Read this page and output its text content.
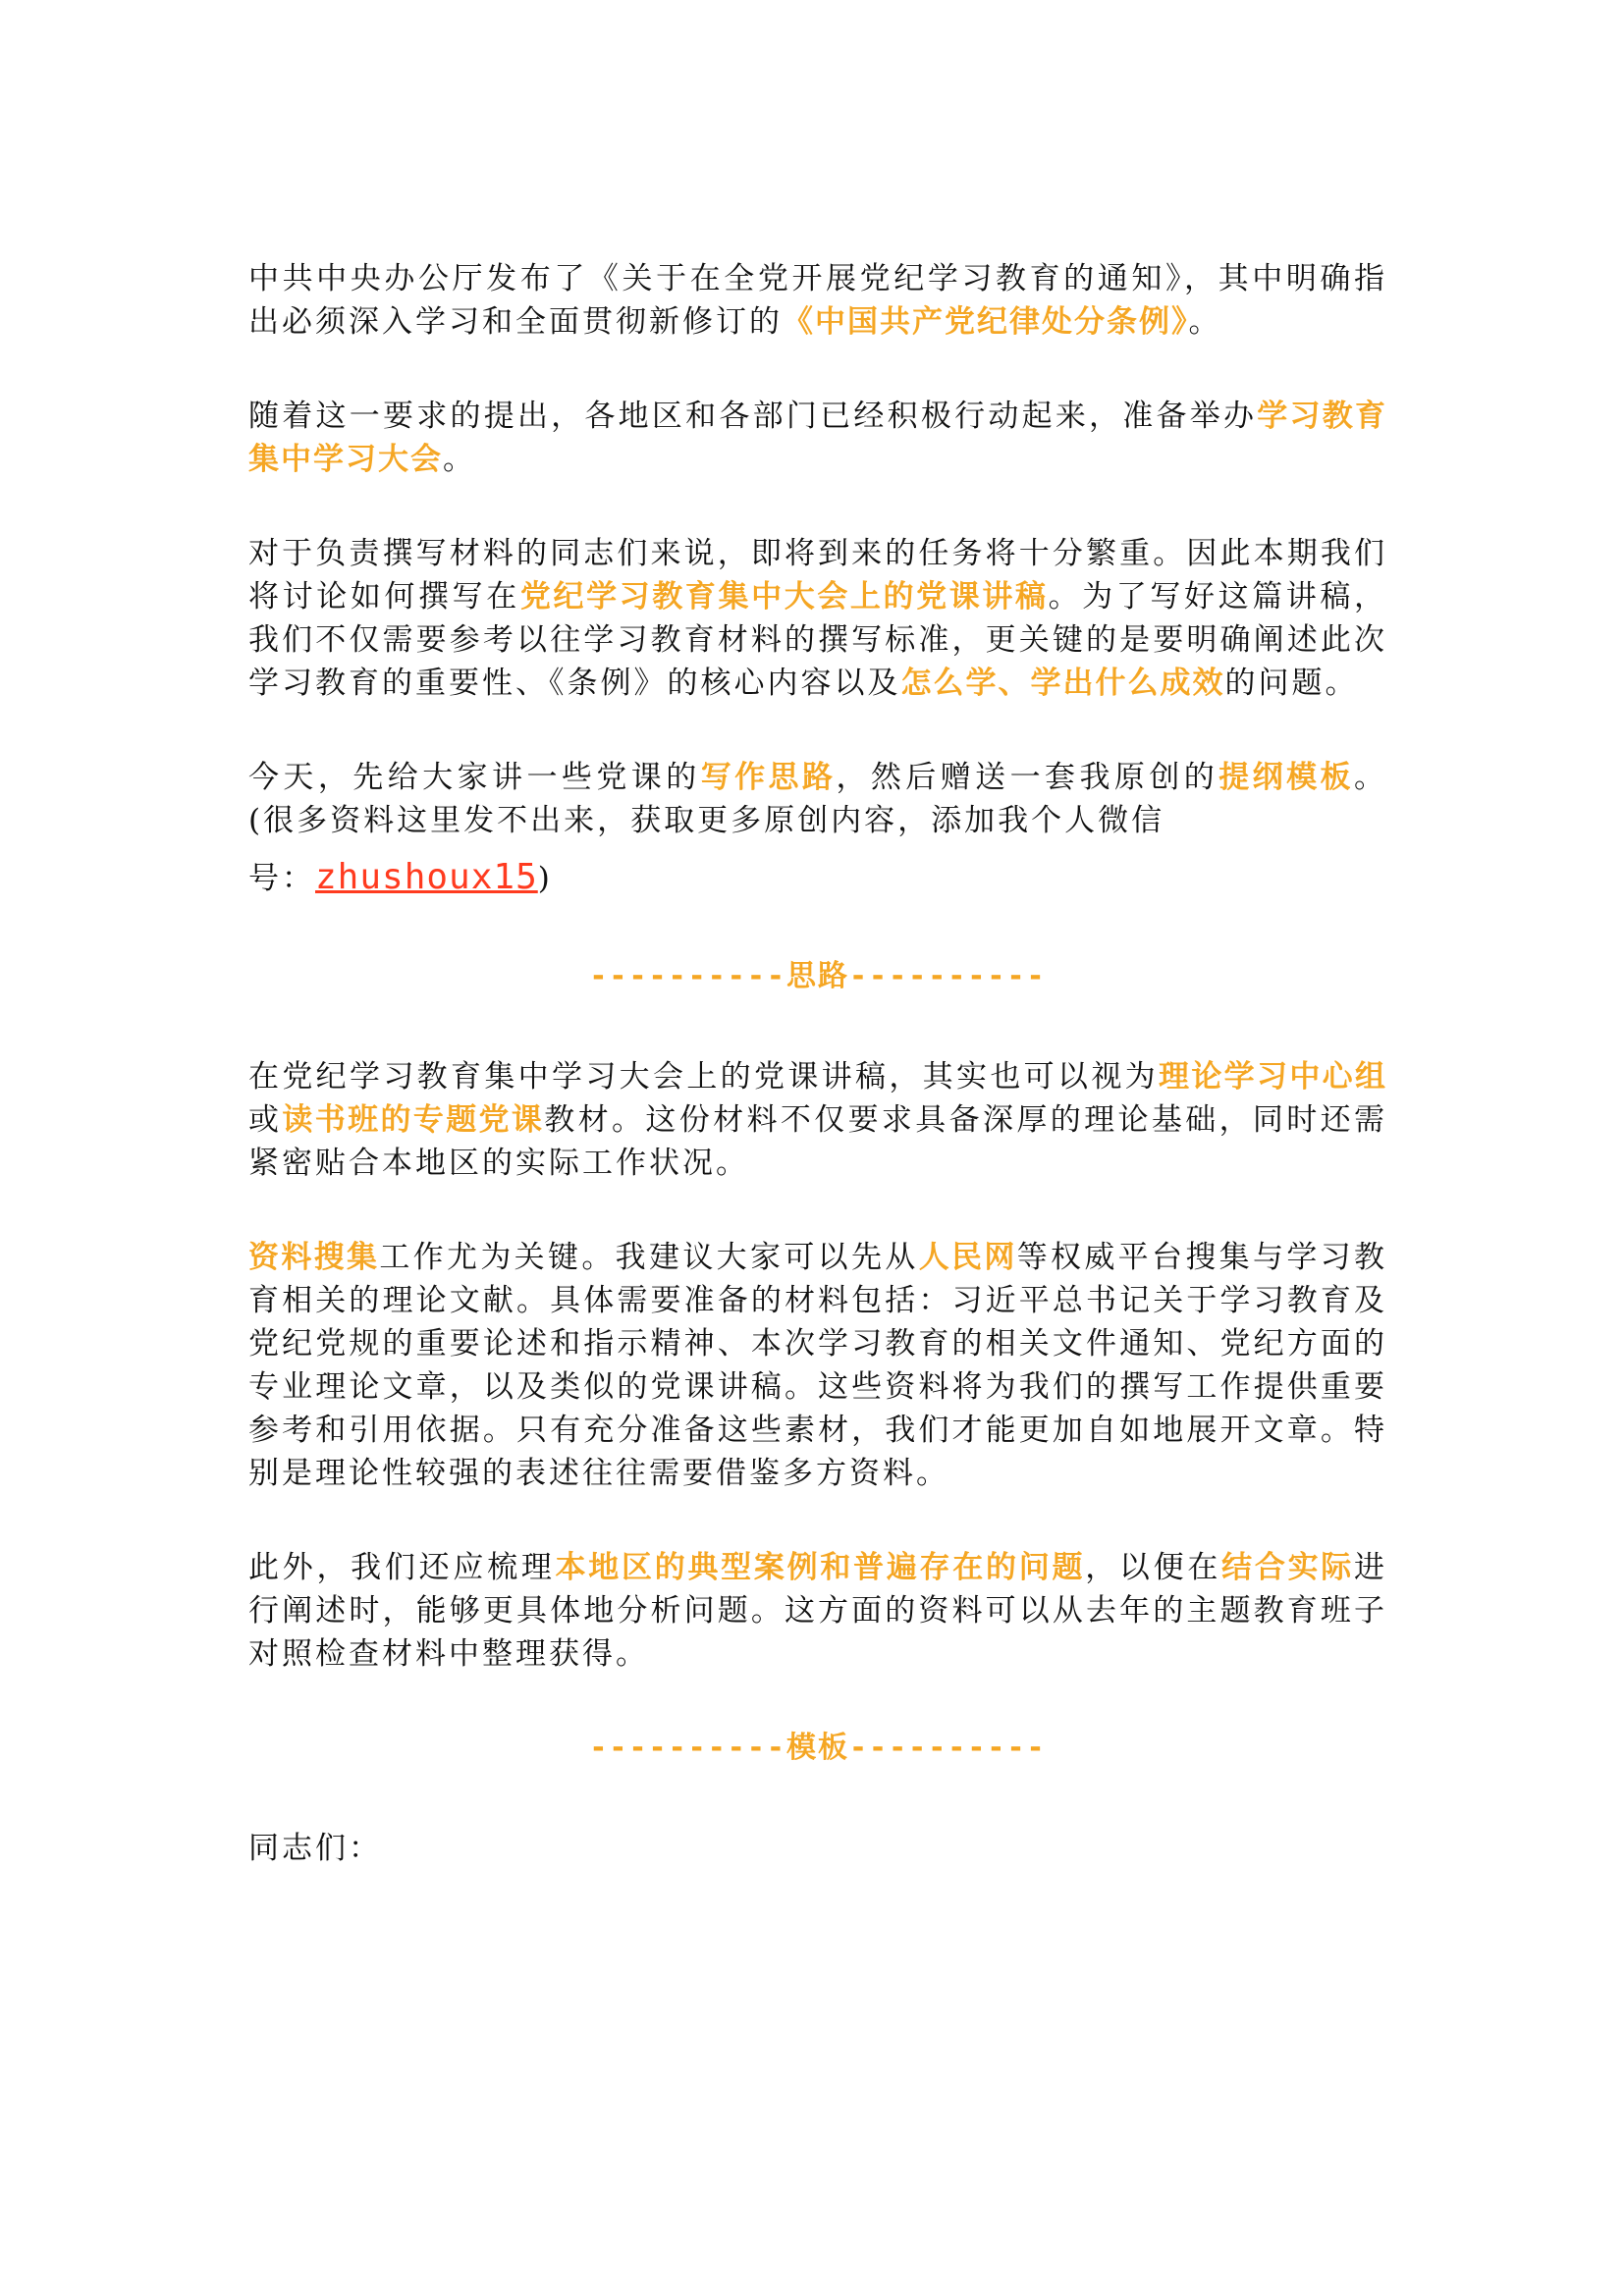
中共中央办公厅发布了《关于在全党开展党纪学习教育的通知》，其中明确指出必须深入学习和全面贯彻新修订的《中国共产党纪律处分条例》。

随着这一要求的提出，各地区和各部门已经积极行动起来，准备举办学习教育集中学习大会。

对于负责撰写材料的同志们来说，即将到来的任务将十分繁重。因此本期我们将讨论如何撰写在党纪学习教育集中大会上的党课讲稿。为了写好这篇讲稿，我们不仅需要参考以往学习教育材料的撰写标准，更关键的是要明确阐述此次学习教育的重要性、《条例》的核心内容以及怎么学、学出什么成效的问题。

今天，先给大家讲一些党课的写作思路，然后赠送一套我原创的提纲模板。(很多资料这里发不出来，获取更多原创内容，添加我个人微信

号：zhushoux15)

----------思路----------

在党纪学习教育集中学习大会上的党课讲稿，其实也可以视为理论学习中心组或读书班的专题党课教材。这份材料不仅要求具备深厚的理论基础，同时还需紧密贴合本地区的实际工作状况。

资料搜集工作尤为关键。我建议大家可以先从人民网等权威平台搜集与学习教育相关的理论文献。具体需要准备的材料包括：习近平总书记关于学习教育及党纪党规的重要论述和指示精神、本次学习教育的相关文件通知、党纪方面的专业理论文章，以及类似的党课讲稿。这些资料将为我们的撰写工作提供重要参考和引用依据。只有充分准备这些素材，我们才能更加自如地展开文章。特别是理论性较强的表述往往需要借鉴多方资料。

此外，我们还应梳理本地区的典型案例和普遍存在的问题，以便在结合实际进行阐述时，能够更具体地分析问题。这方面的资料可以从去年的主题教育班子对照检查材料中整理获得。

----------模板----------

同志们：
